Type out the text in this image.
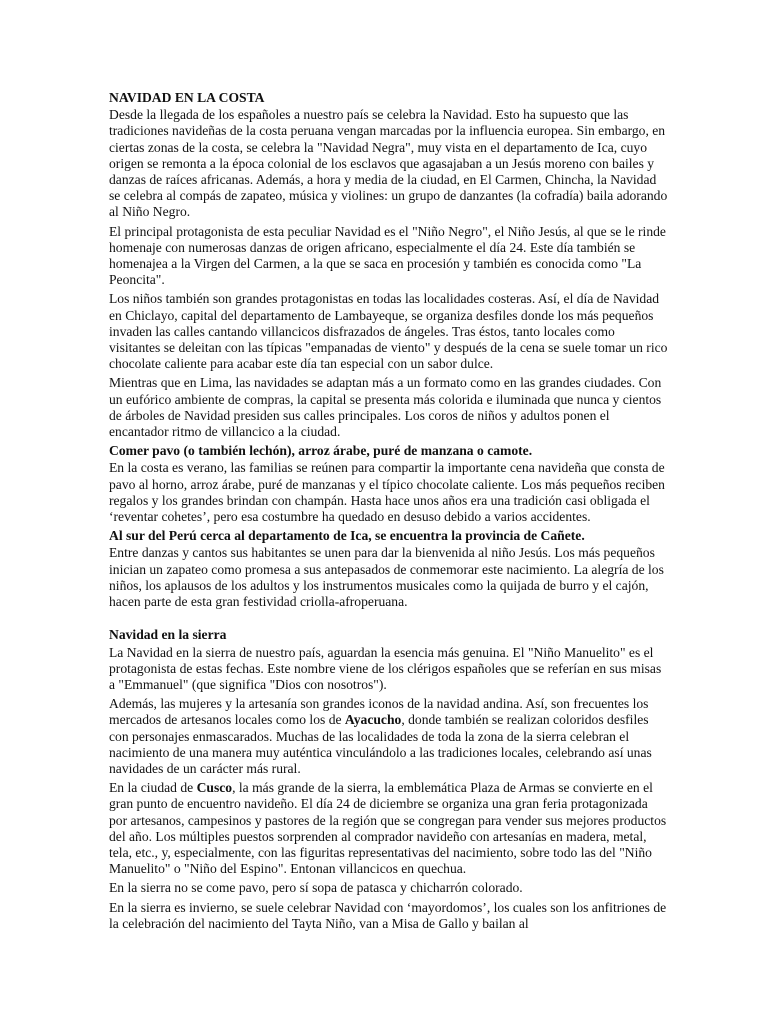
NAVIDAD EN LA COSTA

Desde la llegada de los españoles a nuestro país se celebra la Navidad. Esto ha supuesto que las tradiciones navideñas de la costa peruana vengan marcadas por la influencia europea. Sin embargo, en ciertas zonas de la costa, se celebra la "Navidad Negra", muy vista en el departamento de Ica, cuyo origen se remonta a la época colonial de los esclavos que agasajaban a un Jesús moreno con bailes y danzas de raíces africanas. Además, a hora y media de la ciudad, en El Carmen, Chincha, la Navidad se celebra al compás de zapateo, música y violines: un grupo de danzantes (la cofradía) baila adorando al Niño Negro.

El principal protagonista de esta peculiar Navidad es el "Niño Negro", el Niño Jesús, al que se le rinde homenaje con numerosas danzas de origen africano, especialmente el día 24. Este día también se homenajea a la Virgen del Carmen, a la que se saca en procesión y también es conocida como "La Peoncita".

Los niños también son grandes protagonistas en todas las localidades costeras. Así, el día de Navidad en Chiclayo, capital del departamento de Lambayeque, se organiza desfiles donde los más pequeños invaden las calles cantando villancicos disfrazados de ángeles. Tras éstos, tanto locales como visitantes se deleitan con las típicas "empanadas de viento" y después de la cena se suele tomar un rico chocolate caliente para acabar este día tan especial con un sabor dulce.

Mientras que en Lima, las navidades se adaptan más a un formato como en las grandes ciudades. Con un eufórico ambiente de compras, la capital se presenta más colorida e iluminada que nunca y cientos de árboles de Navidad presiden sus calles principales. Los coros de niños y adultos ponen el encantador ritmo de villancico a la ciudad.

Comer pavo (o también lechón), arroz árabe, puré de manzana o camote.

En la costa es verano, las familias se reúnen para compartir la importante cena navideña que consta de pavo al horno, arroz árabe, puré de manzanas y el típico chocolate caliente. Los más pequeños reciben regalos y los grandes brindan con champán. Hasta hace unos años era una tradición casi obligada el ‘reventar cohetes’, pero esa costumbre ha quedado en desuso debido a varios accidentes.

Al sur del Perú cerca al departamento de Ica, se encuentra la provincia de Cañete.

Entre danzas y cantos sus habitantes se unen para dar la bienvenida al niño Jesús. Los más pequeños inician un zapateo como promesa a sus antepasados de conmemorar este nacimiento. La alegría de los niños, los aplausos de los adultos y los instrumentos musicales como la quijada de burro y el cajón, hacen parte de esta gran festividad criolla-afroperuana.

Navidad en la sierra

La Navidad en la sierra de nuestro país, aguardan la esencia más genuina. El "Niño Manuelito" es el protagonista de estas fechas. Este nombre viene de los clérigos españoles que se referían en sus misas a "Emmanuel" (que significa "Dios con nosotros").

Además, las mujeres y la artesanía son grandes iconos de la navidad andina. Así, son frecuentes los mercados de artesanos locales como los de Ayacucho, donde también se realizan coloridos desfiles con personajes enmascarados. Muchas de las localidades de toda la zona de la sierra celebran el nacimiento de una manera muy auténtica vinculándolo a las tradiciones locales, celebrando así unas navidades de un carácter más rural.

En la ciudad de Cusco, la más grande de la sierra, la emblemática Plaza de Armas se convierte en el gran punto de encuentro navideño. El día 24 de diciembre se organiza una gran feria protagonizada por artesanos, campesinos y pastores de la región que se congregan para vender sus mejores productos del año. Los múltiples puestos sorprenden al comprador navideño con artesanías en madera, metal, tela, etc., y, especialmente, con las figuritas representativas del nacimiento, sobre todo las del "Niño Manuelito" o "Niño del Espino". Entonan villancicos en quechua.

En la sierra no se come pavo, pero sí sopa de patasca y chicharrón colorado.

En la sierra es invierno, se suele celebrar Navidad con ‘mayordomos’, los cuales son los anfitriones de la celebración del nacimiento del Tayta Niño, van a Misa de Gallo y bailan al
